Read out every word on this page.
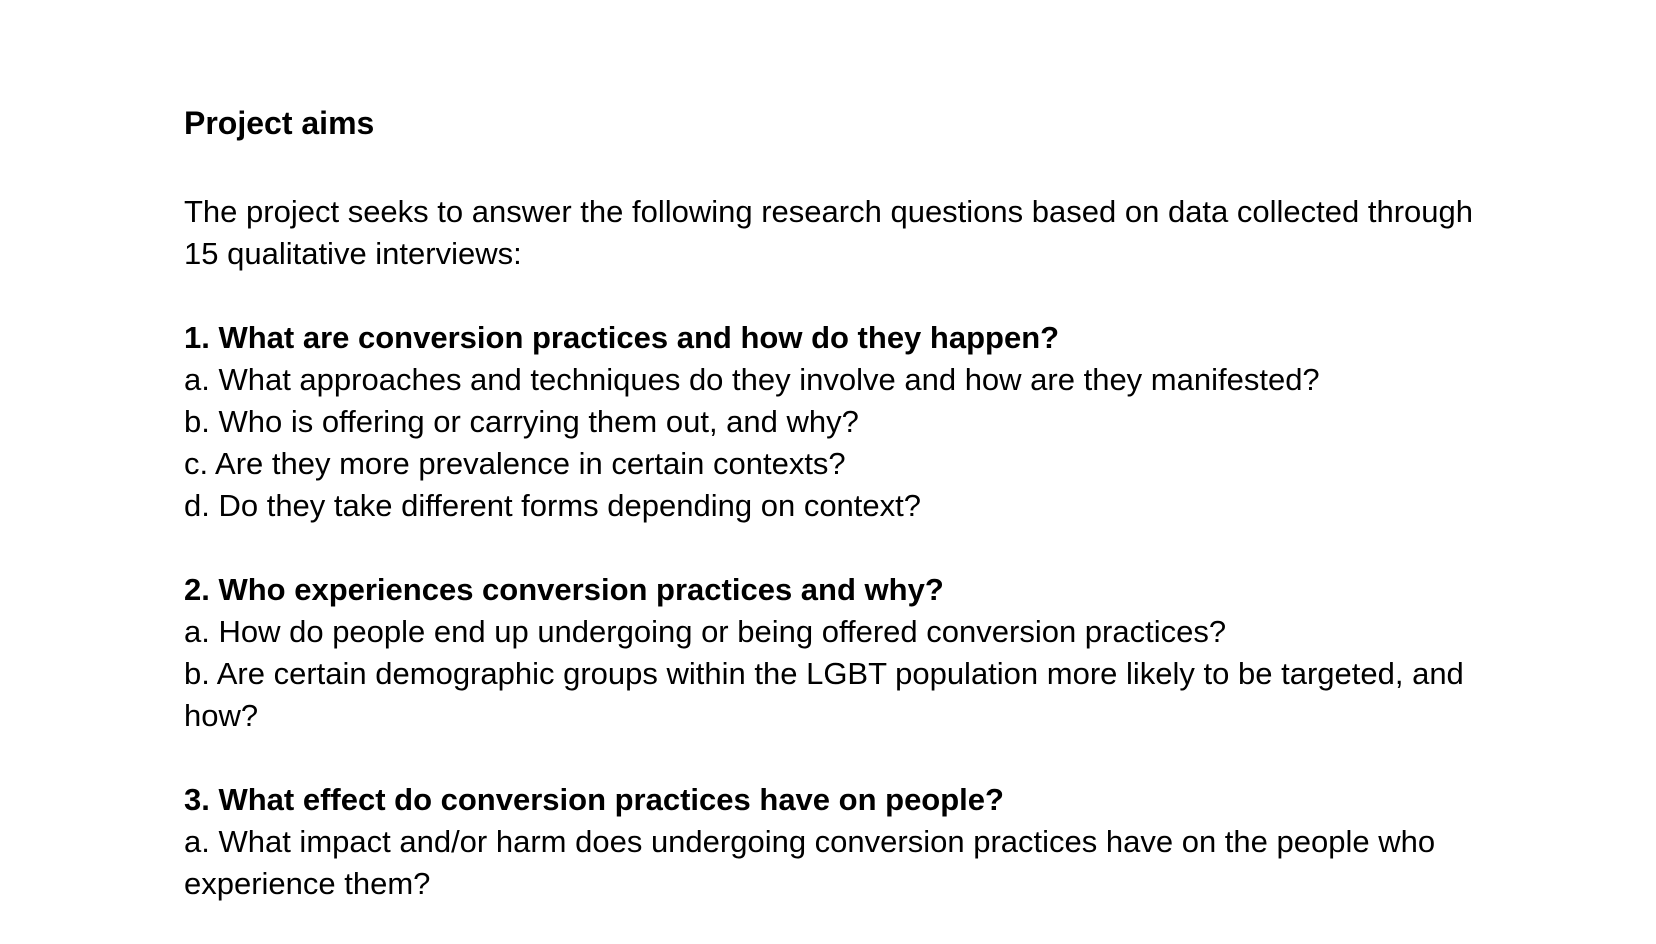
Project aims
The project seeks to answer the following research questions based on data collected through 15 qualitative interviews:
1. What are conversion practices and how do they happen?
a. What approaches and techniques do they involve and how are they manifested?
b. Who is offering or carrying them out, and why?
c. Are they more prevalence in certain contexts?
d. Do they take different forms depending on context?
2. Who experiences conversion practices and why?
a. How do people end up undergoing or being offered conversion practices?
b. Are certain demographic groups within the LGBT population more likely to be targeted, and how?
3. What effect do conversion practices have on people?
a. What impact and/or harm does undergoing conversion practices have on the people who experience them?
